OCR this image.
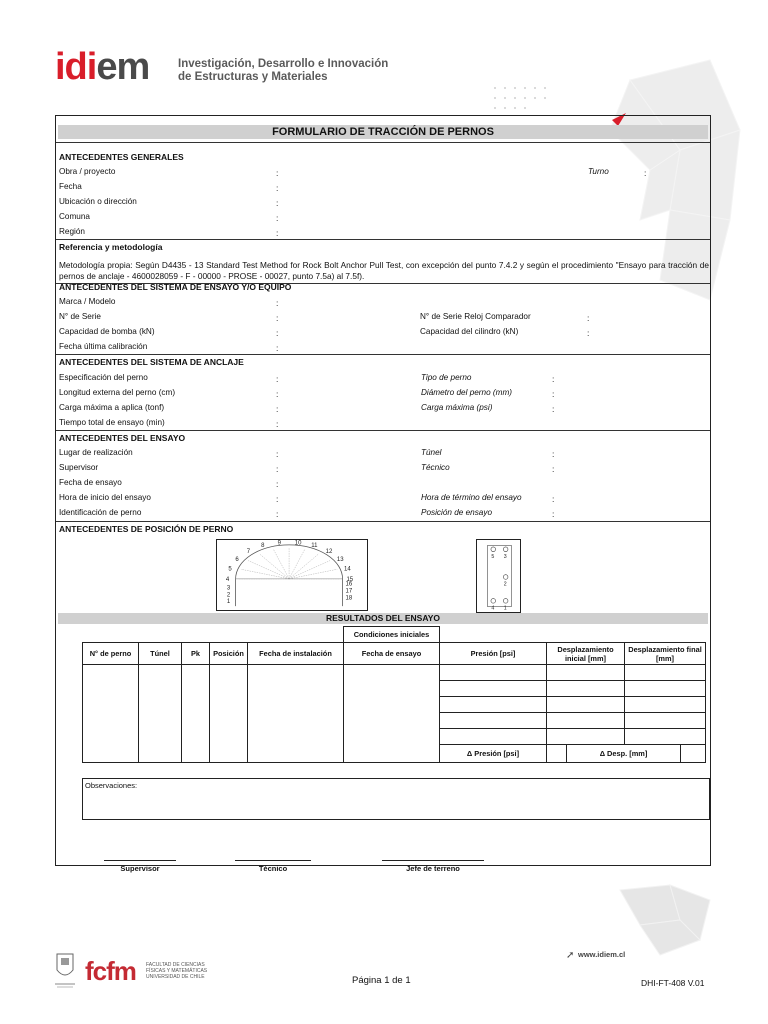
idiem	Investigación, Desarrollo e Innovación
de Estructuras y Materiales
FORMULARIO DE TRACCIÓN DE PERNOS
ANTECEDENTES GENERALES
Obra / proyecto	:	Turno	:
Fecha	:
Ubicación o dirección	:
Comuna	:
Región	:
Referencia y metodología
Metodología propia: Según D4435 - 13 Standard Test Method for Rock Bolt Anchor Pull Test, con excepción del punto 7.4.2 y según el procedimiento "Ensayo para tracción de pernos de anclaje - 4600028059 - F - 00000 - PROSE - 00027, punto 7.5a) al 7.5f).
ANTECEDENTES DEL SISTEMA DE ENSAYO Y/O EQUIPO
Marca / Modelo	:
N° de Serie	:	N° de Serie Reloj Comparador	:
Capacidad de bomba (kN)	:	Capacidad del cilindro (kN)	:
Fecha última calibración	:
ANTECEDENTES DEL SISTEMA DE ANCLAJE
Especificación del perno	:	Tipo de perno	:
Longitud externa del perno (cm)	:	Diámetro del perno (mm)	:
Carga máxima a aplica (tonf)	:	Carga máxima (psi)	:
Tiempo total de ensayo (min)	:
ANTECEDENTES DEL ENSAYO
Lugar de realización	:	Túnel	:
Supervisor	:	Técnico	:
Fecha de ensayo	:
Hora de inicio del ensayo	:	Hora de término del ensayo	:
Identificación de perno	:	Posición de ensayo	:
ANTECEDENTES DE POSICIÓN DE PERNO
1
2
3
4
5
6
7
8 9 10 11
12
13
14
15
16
17
18
5 3
2
4 1
RESULTADOS DEL ENSAYO
					Condiciones iniciales			
N° de perno	Túnel	Pk	Posición	Fecha de instalación	Fecha de ensayo	Presión [psi]	Desplazamiento inicial [mm]	Desplazamiento final [mm]

						Δ Presión [psi]	Δ Desp. [mm]	
Observaciones:
Supervisor	Técnico	Jefe de terreno
fcfm FACULTAD DE CIENCIAS
FÍSICAS Y MATEMÁTICAS
UNIVERSIDAD DE CHILE
➚ www.idiem.cl
Página 1 de 1	DHI-FT-408 V.01
